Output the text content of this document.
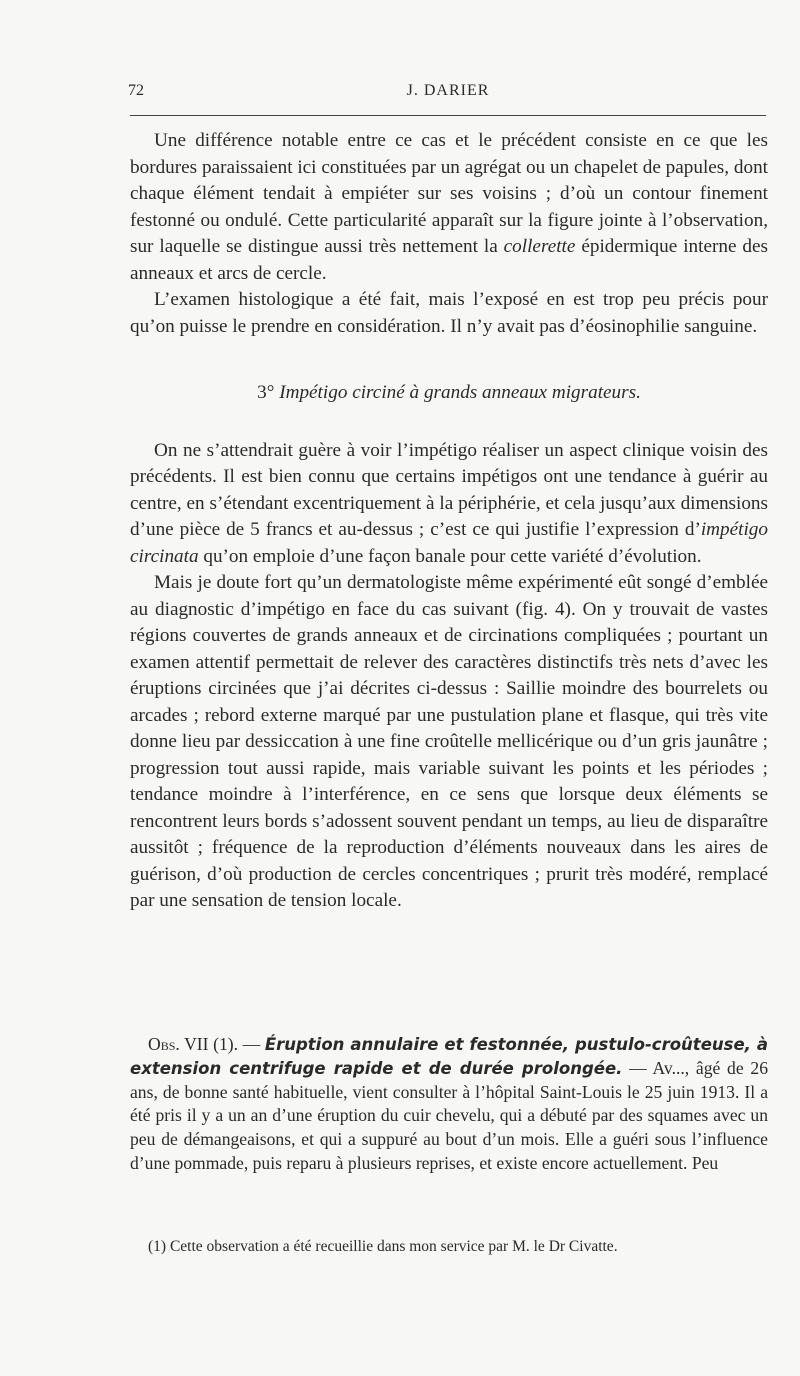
72	J. DARIER

Une différence notable entre ce cas et le précédent consiste en ce que les bordures paraissaient ici constituées par un agrégat ou un chapelet de papules, dont chaque élément tendait à empiéter sur ses voisins ; d’où un contour finement festonné ou ondulé. Cette particularité apparaît sur la figure jointe à l’observation, sur laquelle se distingue aussi très nettement la collerette épidermique interne des anneaux et arcs de cercle.

L’examen histologique a été fait, mais l’exposé en est trop peu précis pour qu’on puisse le prendre en considération. Il n’y avait pas d’éosinophilie sanguine.

3° Impétigo circiné à grands anneaux migrateurs.

On ne s’attendrait guère à voir l’impétigo réaliser un aspect clinique voisin des précédents. Il est bien connu que certains impétigos ont une tendance à guérir au centre, en s’étendant excentriquement à la périphérie, et cela jusqu’aux dimensions d’une pièce de 5 francs et au-dessus ; c’est ce qui justifie l’expression d’impétigo circinata qu’on emploie d’une façon banale pour cette variété d’évolution.

Mais je doute fort qu’un dermatologiste même expérimenté eût songé d’emblée au diagnostic d’impétigo en face du cas suivant (fig. 4). On y trouvait de vastes régions couvertes de grands anneaux et de circinations compliquées ; pourtant un examen attentif permettait de relever des caractères distinctifs très nets d’avec les éruptions circinées que j’ai décrites ci-dessus : Saillie moindre des bourrelets ou arcades ; rebord externe marqué par une pustulation plane et flasque, qui très vite donne lieu par dessiccation à une fine croûtelle mellicérique ou d’un gris jaunâtre ; progression tout aussi rapide, mais variable suivant les points et les périodes ; tendance moindre à l’interférence, en ce sens que lorsque deux éléments se rencontrent leurs bords s’adossent souvent pendant un temps, au lieu de disparaître aussitôt ; fréquence de la reproduction d’éléments nouveaux dans les aires de guérison, d’où production de cercles concentriques ; prurit très modéré, remplacé par une sensation de tension locale.

Obs. VII (1). — Éruption annulaire et festonnée, pustulo-croûteuse, à extension centrifuge rapide et de durée prolongée. — Av..., âgé de 26 ans, de bonne santé habituelle, vient consulter à l’hôpital Saint-Louis le 25 juin 1913. Il a été pris il y a un an d’une éruption du cuir chevelu, qui a débuté par des squames avec un peu de démangeaisons, et qui a suppuré au bout d’un mois. Elle a guéri sous l’influence d’une pommade, puis reparu à plusieurs reprises, et existe encore actuellement. Peu

(1) Cette observation a été recueillie dans mon service par M. le Dr Civatte.
